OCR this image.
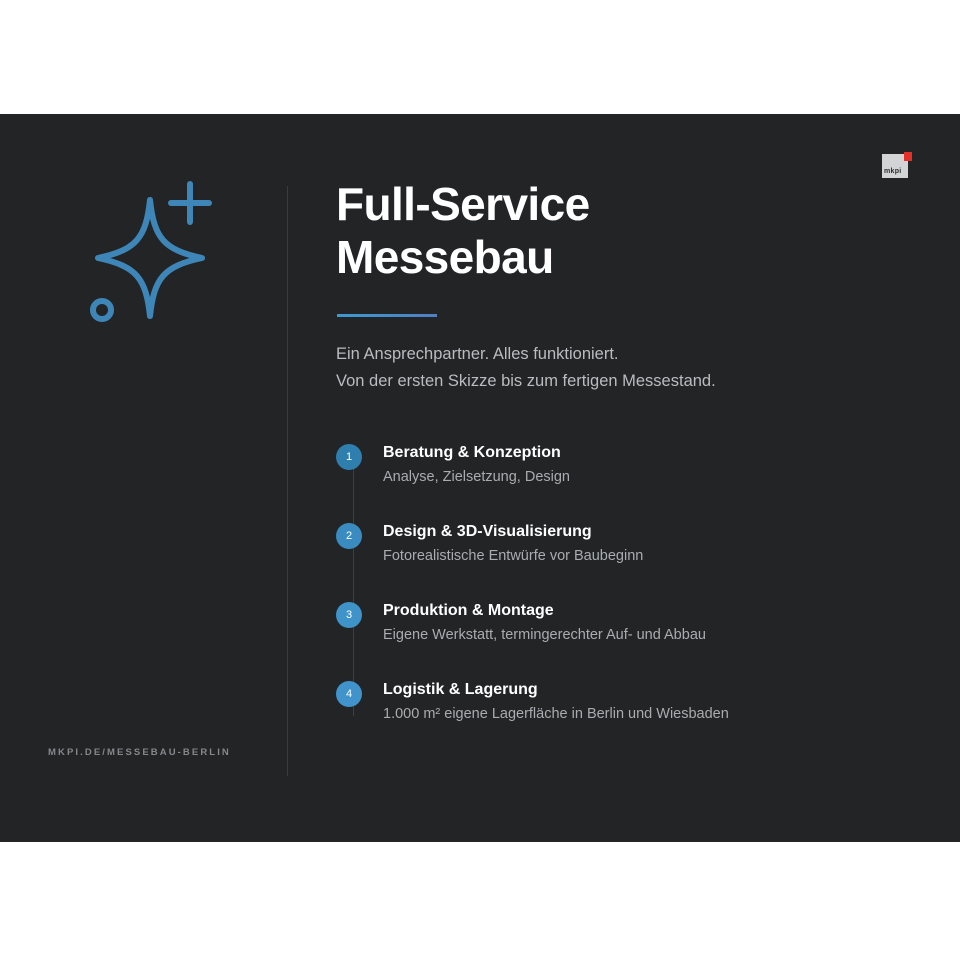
mkpi
Full-Service
Messebau
Ein Ansprechpartner. Alles funktioniert.
Von der ersten Skizze bis zum fertigen Messestand.
1	Beratung & Konzeption
Analyse, Zielsetzung, Design
2	Design & 3D-Visualisierung
Fotorealistische Entwürfe vor Baubeginn
3	Produktion & Montage
Eigene Werkstatt, termingerechter Auf- und Abbau
4	Logistik & Lagerung
1.000 m² eigene Lagerfläche in Berlin und Wiesbaden
MKPI.DE/MESSEBAU-BERLIN
